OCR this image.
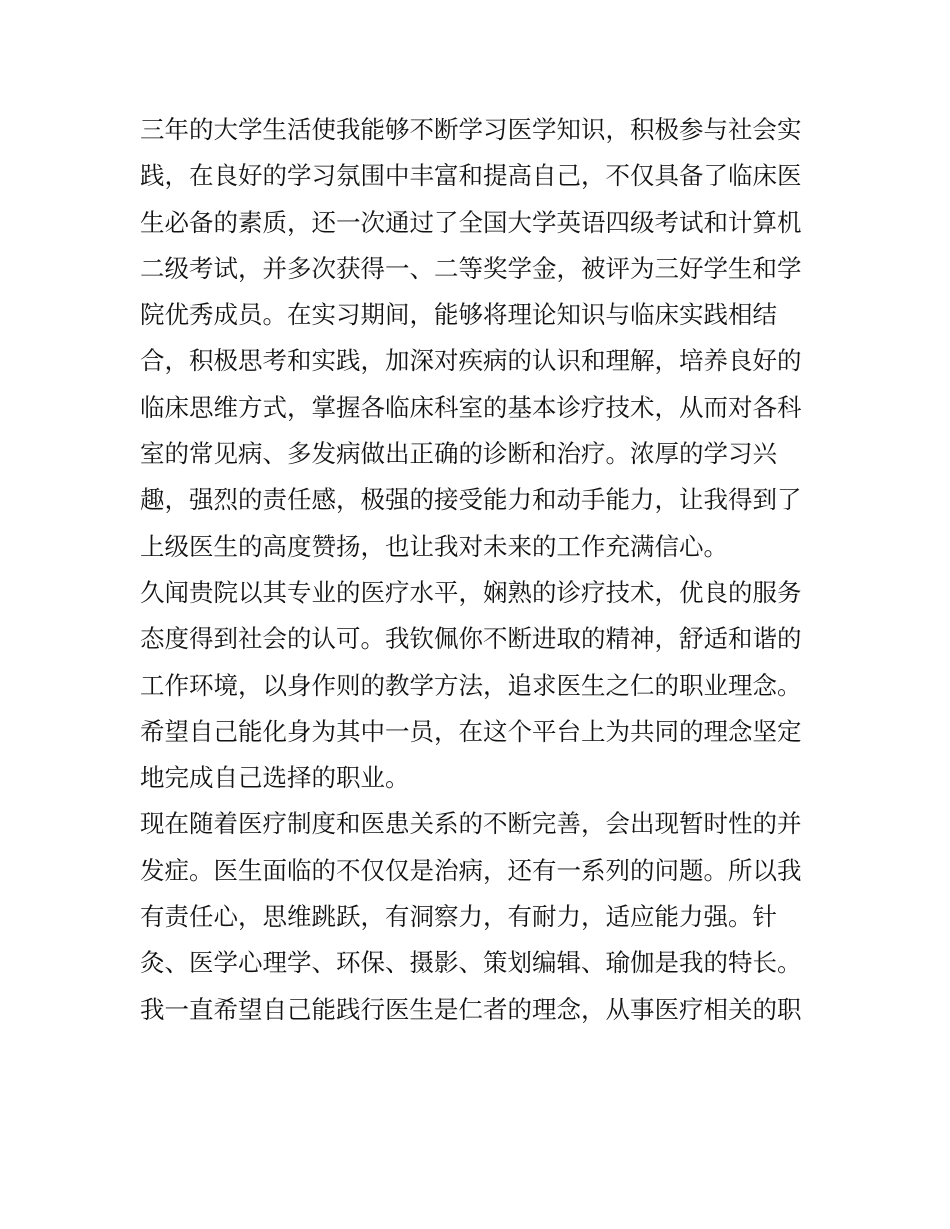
三年的大学生活使我能够不断学习医学知识，积极参与社会实
践，在良好的学习氛围中丰富和提高自己，不仅具备了临床医
生必备的素质，还一次通过了全国大学英语四级考试和计算机
二级考试，并多次获得一、二等奖学金，被评为三好学生和学
院优秀成员。在实习期间，能够将理论知识与临床实践相结
合，积极思考和实践，加深对疾病的认识和理解，培养良好的
临床思维方式，掌握各临床科室的基本诊疗技术，从而对各科
室的常见病、多发病做出正确的诊断和治疗。浓厚的学习兴
趣，强烈的责任感，极强的接受能力和动手能力，让我得到了
上级医生的高度赞扬，也让我对未来的工作充满信心。
久闻贵院以其专业的医疗水平，娴熟的诊疗技术，优良的服务
态度得到社会的认可。我钦佩你不断进取的精神，舒适和谐的
工作环境，以身作则的教学方法，追求医生之仁的职业理念。
希望自己能化身为其中一员，在这个平台上为共同的理念坚定
地完成自己选择的职业。
现在随着医疗制度和医患关系的不断完善，会出现暂时性的并
发症。医生面临的不仅仅是治病，还有一系列的问题。所以我
有责任心，思维跳跃，有洞察力，有耐力，适应能力强。针
灸、医学心理学、环保、摄影、策划编辑、瑜伽是我的特长。
我一直希望自己能践行医生是仁者的理念，从事医疗相关的职
